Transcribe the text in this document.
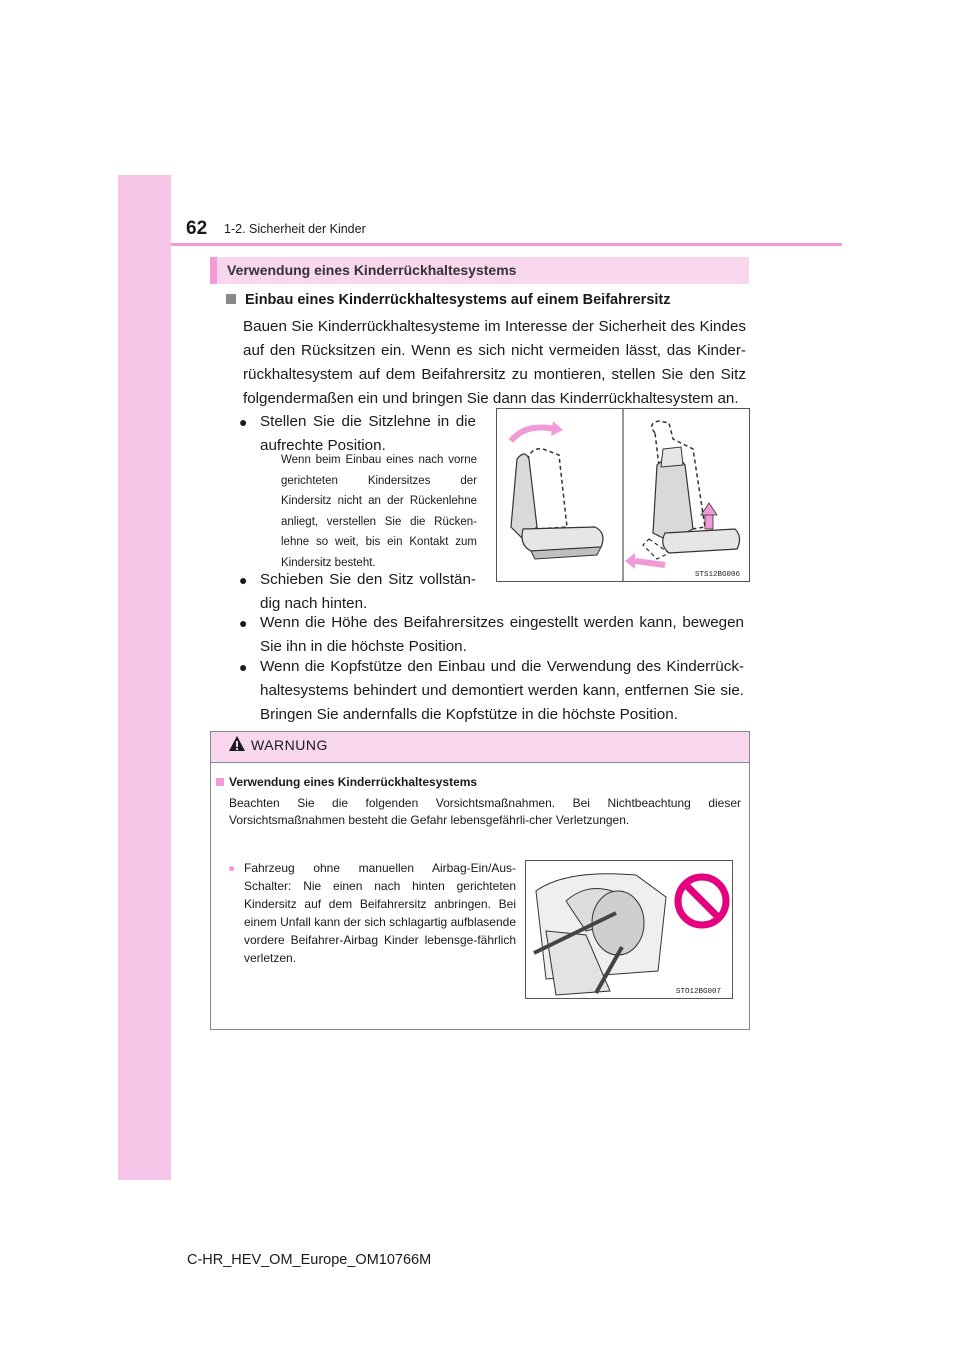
62 1-2. Sicherheit der Kinder
Verwendung eines Kinderrückhaltesystems
Einbau eines Kinderrückhaltesystems auf einem Beifahrersitz
Bauen Sie Kinderrückhaltesysteme im Interesse der Sicherheit des Kindes auf den Rücksitzen ein. Wenn es sich nicht vermeiden lässt, das Kinder-rückhaltesystem auf dem Beifahrersitz zu montieren, stellen Sie den Sitz folgendermaßen ein und bringen Sie dann das Kinderrückhaltesystem an.
● Stellen Sie die Sitzlehne in die aufrechte Position.
Wenn beim Einbau eines nach vorne gerichteten Kindersitzes der Kindersitz nicht an der Rückenlehne anliegt, verstellen Sie die Rücken-lehne so weit, bis ein Kontakt zum Kindersitz besteht.
● Schieben Sie den Sitz vollstän-dig nach hinten.
● Wenn die Höhe des Beifahrersitzes eingestellt werden kann, bewegen Sie ihn in die höchste Position.
● Wenn die Kopfstütze den Einbau und die Verwendung des Kinderrück-haltesystems behindert und demontiert werden kann, entfernen Sie sie. Bringen Sie andernfalls die Kopfstütze in die höchste Position.
STS12BG006
WARNUNG
Verwendung eines Kinderrückhaltesystems
Beachten Sie die folgenden Vorsichtsmaßnahmen. Bei Nichtbeachtung dieser Vorsichtsmaßnahmen besteht die Gefahr lebensgefährli-cher Verletzungen.
● Fahrzeug ohne manuellen Airbag-Ein/Aus-Schalter: Nie einen nach hinten gerichteten Kindersitz auf dem Beifahrersitz anbringen. Bei einem Unfall kann der sich schlagartig aufblasende vordere Beifahrer-Airbag Kinder lebensge-fährlich verletzen.
STO12BG007
C-HR_HEV_OM_Europe_OM10766M
